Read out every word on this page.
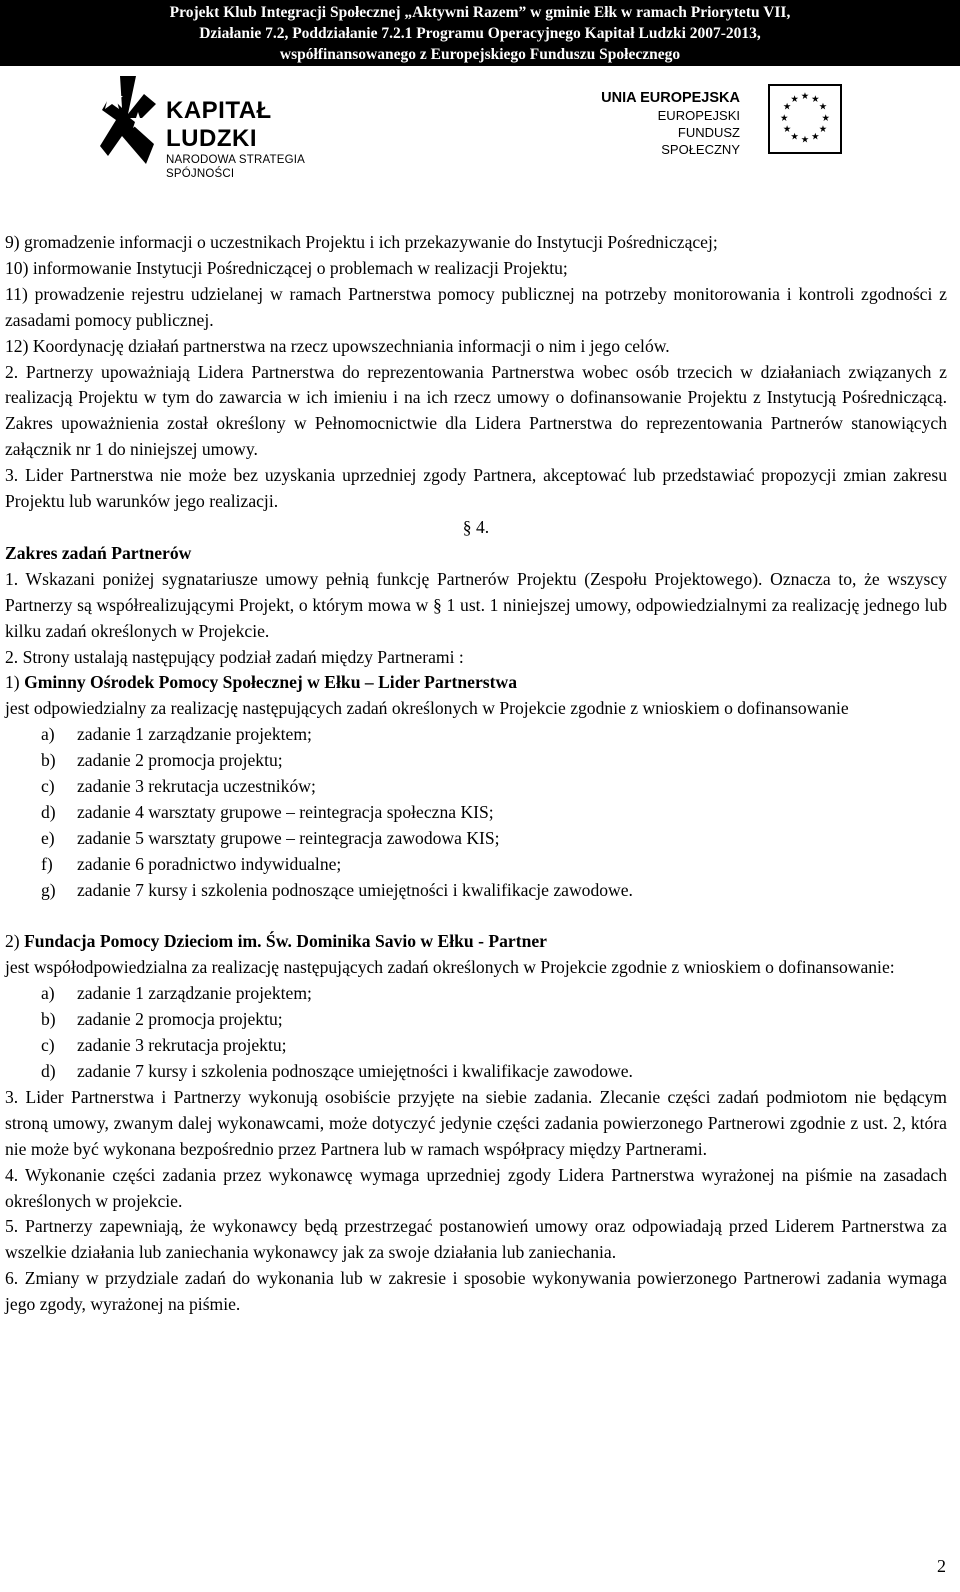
Projekt Klub Integracji Społecznej „Aktywni Razem” w gminie Ełk w ramach Priorytetu VII,
Działanie 7.2, Poddziałanie 7.2.1 Programu Operacyjnego Kapitał Ludzki 2007-2013,
współfinansowanego z Europejskiego Funduszu Społecznego
KAPITAŁ LUDZKI
NARODOWA STRATEGIA SPÓJNOŚCI
UNIA EUROPEJSKA
EUROPEJSKI
FUNDUSZ SPOŁECZNY
★ ★
★
★
★
★
★
★
★
★
★
★

9) gromadzenie informacji o uczestnikach Projektu i ich przekazywanie do Instytucji Pośredniczącej;

10) informowanie Instytucji Pośredniczącej o problemach w realizacji Projektu;

11) prowadzenie rejestru udzielanej w ramach Partnerstwa pomocy publicznej na potrzeby monitorowania i kontroli zgodności z zasadami pomocy publicznej.

12) Koordynację działań partnerstwa na rzecz upowszechniania informacji o nim i jego celów.

2. Partnerzy upoważniają Lidera Partnerstwa do reprezentowania Partnerstwa wobec osób trzecich w działaniach związanych z realizacją Projektu w tym do zawarcia w ich imieniu i na ich rzecz umowy o dofinansowanie Projektu z Instytucją Pośredniczącą. Zakres upoważnienia został określony w Pełnomocnictwie dla Lidera Partnerstwa do reprezentowania Partnerów stanowiących załącznik nr 1 do niniejszej umowy.

3. Lider Partnerstwa nie może bez uzyskania uprzedniej zgody Partnera, akceptować lub przedstawiać propozycji zmian zakresu Projektu lub warunków jego realizacji.

§ 4.

Zakres zadań Partnerów

1. Wskazani poniżej sygnatariusze umowy pełnią funkcję Partnerów Projektu (Zespołu Projektowego). Oznacza to, że wszyscy Partnerzy są współrealizującymi Projekt, o którym mowa w § 1 ust. 1 niniejszej umowy, odpowiedzialnymi za realizację jednego lub kilku zadań określonych w Projekcie.

2. Strony ustalają następujący podział zadań między Partnerami :

1) Gminny Ośrodek Pomocy Społecznej w Ełku – Lider Partnerstwa

jest odpowiedzialny za realizację następujących zadań określonych w Projekcie zgodnie z wnioskiem o dofinansowanie

a) zadanie 1 zarządzanie projektem;
b) zadanie 2 promocja projektu;
c) zadanie 3 rekrutacja uczestników;
d) zadanie 4 warsztaty grupowe – reintegracja społeczna KIS;
e) zadanie 5 warsztaty grupowe – reintegracja zawodowa KIS;
f) zadanie 6 poradnictwo indywidualne;
g) zadanie 7 kursy i szkolenia podnoszące umiejętności i kwalifikacje zawodowe.

2) Fundacja Pomocy Dzieciom im. Św. Dominika Savio w Ełku - Partner

jest współodpowiedzialna za realizację następujących zadań określonych w Projekcie zgodnie z wnioskiem o dofinansowanie:

a) zadanie 1 zarządzanie projektem;
b) zadanie 2 promocja projektu;
c) zadanie 3 rekrutacja projektu;
d) zadanie 7 kursy i szkolenia podnoszące umiejętności i kwalifikacje zawodowe.

3. Lider Partnerstwa i Partnerzy wykonują osobiście przyjęte na siebie zadania. Zlecanie części zadań podmiotom nie będącym stroną umowy, zwanym dalej wykonawcami, może dotyczyć jedynie części zadania powierzonego Partnerowi zgodnie z ust. 2, która nie może być wykonana bezpośrednio przez Partnera lub w ramach współpracy między Partnerami.

4. Wykonanie części zadania przez wykonawcę wymaga uprzedniej zgody Lidera Partnerstwa wyrażonej na piśmie na zasadach określonych w projekcie.

5. Partnerzy zapewniają, że wykonawcy będą przestrzegać postanowień umowy oraz odpowiadają przed Liderem Partnerstwa za wszelkie działania lub zaniechania wykonawcy jak za swoje działania lub zaniechania.

6. Zmiany w przydziale zadań do wykonania lub w zakresie i sposobie wykonywania powierzonego Partnerowi zadania wymaga jego zgody, wyrażonej na piśmie.

2
